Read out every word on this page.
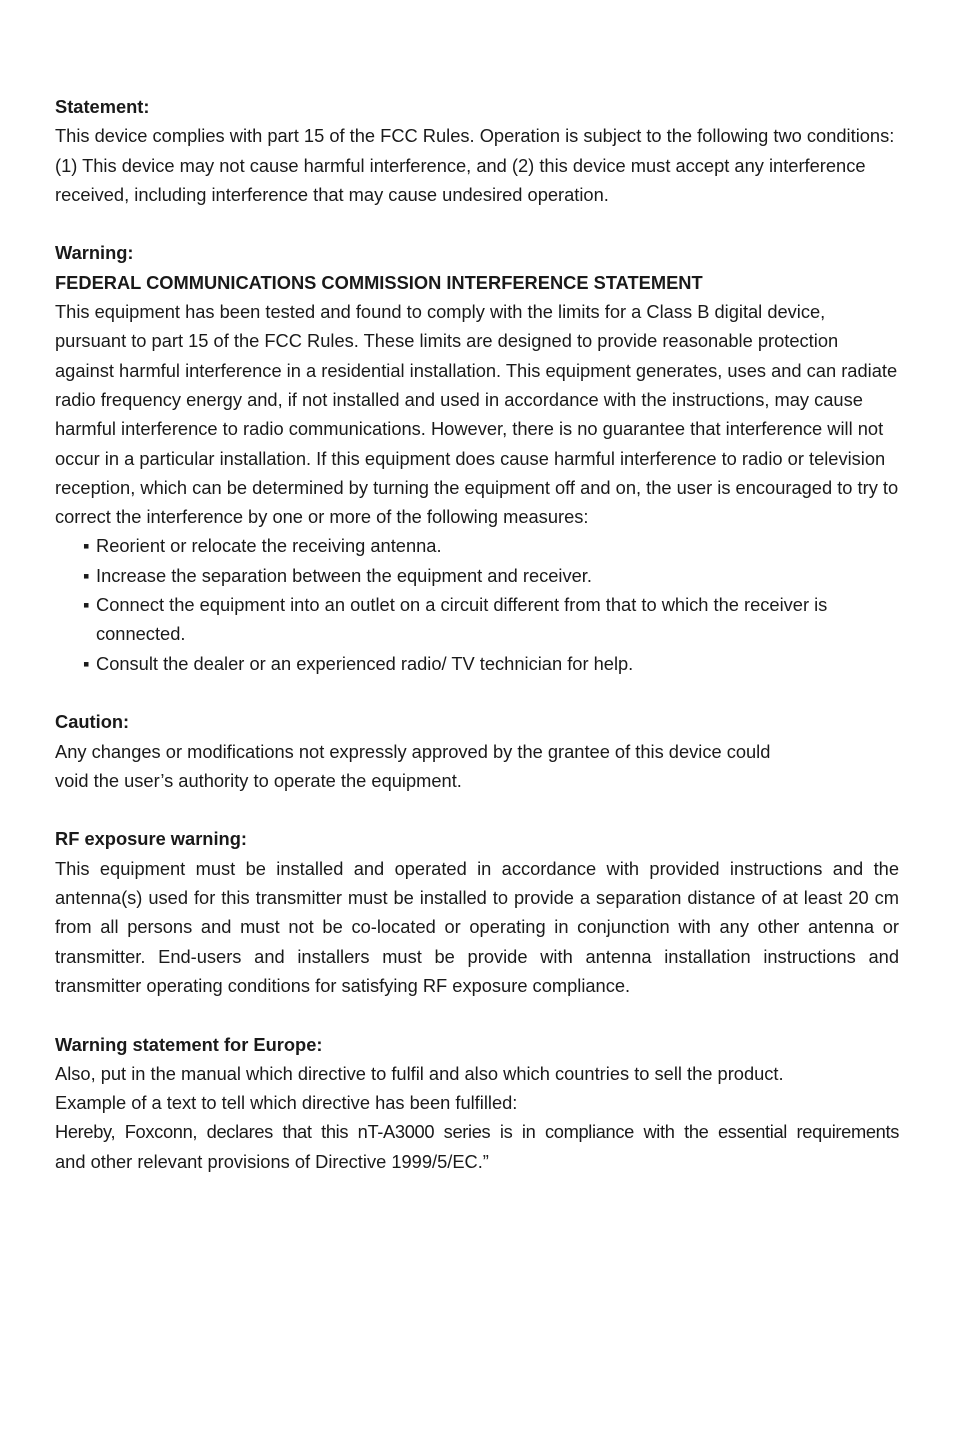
Statement:

This device complies with part 15 of the FCC Rules. Operation is subject to the following two conditions: (1) This device may not cause harmful interference, and (2) this device must accept any interference received, including interference that may cause undesired operation.

Warning:

FEDERAL COMMUNICATIONS COMMISSION INTERFERENCE STATEMENT

This equipment has been tested and found to comply with the limits for a Class B digital device, pursuant to part 15 of the FCC Rules. These limits are designed to provide reasonable protection against harmful interference in a residential installation. This equipment generates, uses and can radiate radio frequency energy and, if not installed and used in accordance with the instructions, may cause harmful interference to radio communications. However, there is no guarantee that interference will not occur in a particular installation. If this equipment does cause harmful interference to radio or television reception, which can be determined by turning the equipment off and on, the user is encouraged to try to correct the interference by one or more of the following measures:

▪ Reorient or relocate the receiving antenna.
▪ Increase the separation between the equipment and receiver.
▪ Connect the equipment into an outlet on a circuit different from that to which the receiver is connected.
▪ Consult the dealer or an experienced radio/ TV technician for help.

Caution:

Any changes or modifications not expressly approved by the grantee of this device could

void the user’s authority to operate the equipment.

RF exposure warning:

This equipment must be installed and operated in accordance with provided instructions and the antenna(s) used for this transmitter must be installed to provide a separation distance of at least 20 cm from all persons and must not be co-located or operating in conjunction with any other antenna or transmitter. End-users and installers must be provide with antenna installation instructions and transmitter operating conditions for satisfying RF exposure compliance.

Warning statement for Europe:

Also, put in the manual which directive to fulfil and also which countries to sell the product.

Example of a text to tell which directive has been fulfilled:

Hereby, Foxconn, declares that this nT-A3000 series is in compliance with the essential requirements

and other relevant provisions of Directive 1999/5/EC.”
